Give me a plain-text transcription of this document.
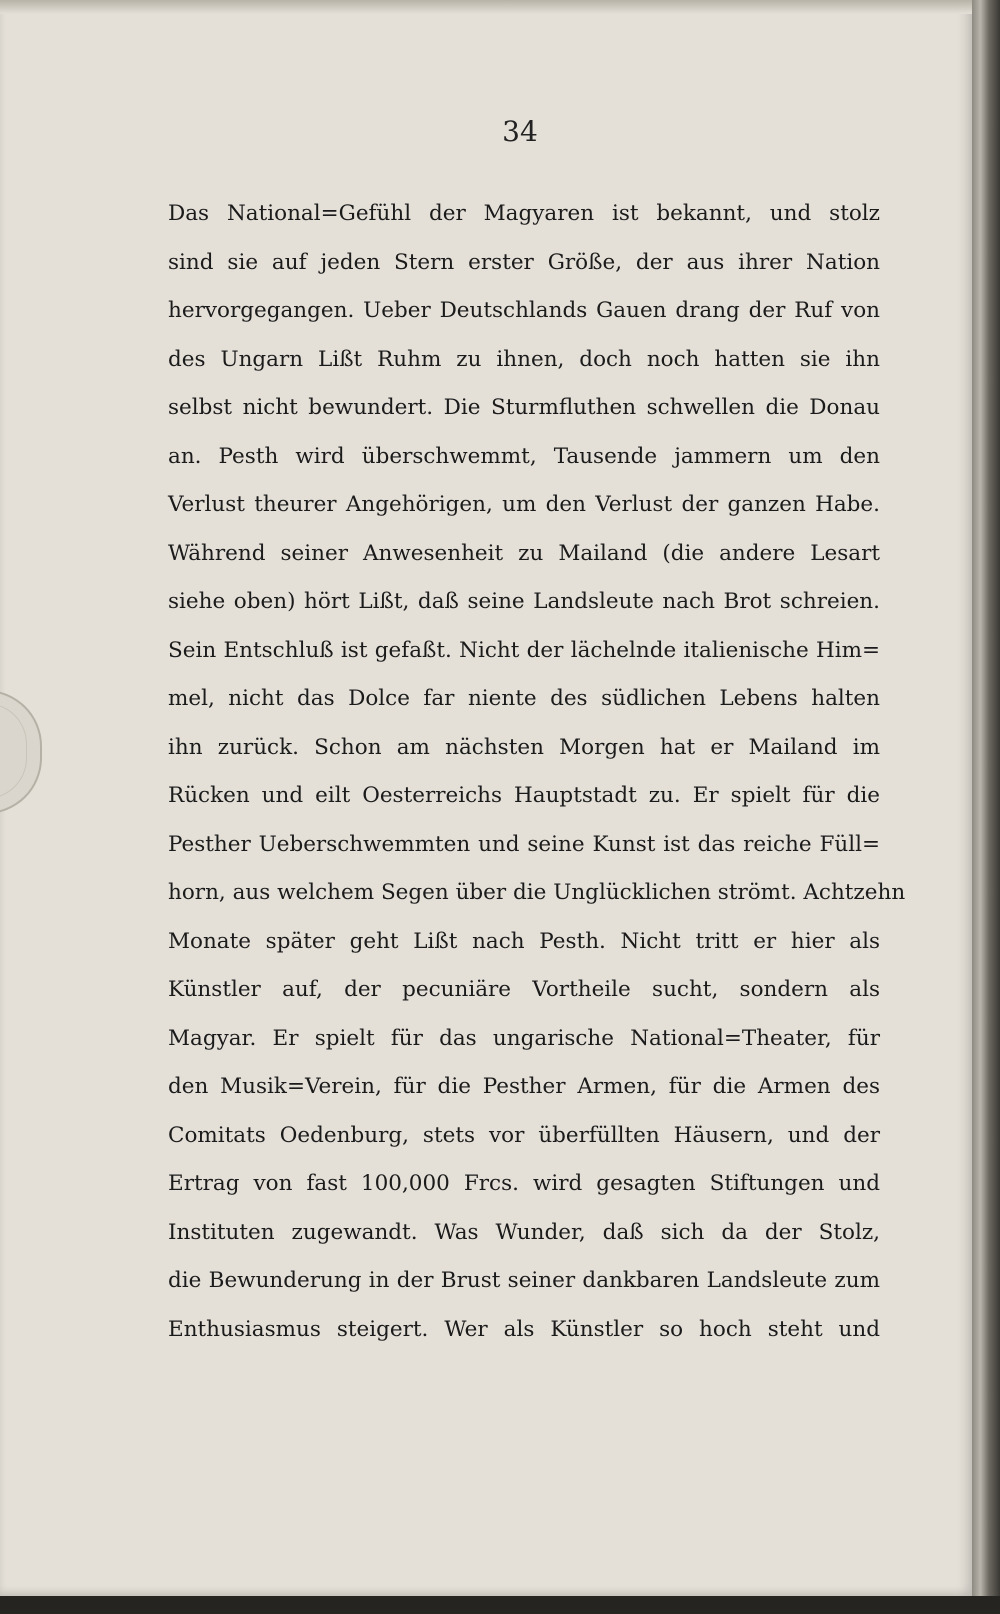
34
Das National=Gefühl der Magyaren ist bekannt, und stolz
sind sie auf jeden Stern erster Größe, der aus ihrer Nation
hervorgegangen. Ueber Deutschlands Gauen drang der Ruf von
des Ungarn Lißt Ruhm zu ihnen, doch noch hatten sie ihn
selbst nicht bewundert. Die Sturmfluthen schwellen die Donau
an. Pesth wird überschwemmt, Tausende jammern um den
Verlust theurer Angehörigen, um den Verlust der ganzen Habe.
Während seiner Anwesenheit zu Mailand (die andere Lesart
siehe oben) hört Lißt, daß seine Landsleute nach Brot schreien.
Sein Entschluß ist gefaßt. Nicht der lächelnde italienische Him=
mel, nicht das Dolce far niente des südlichen Lebens halten
ihn zurück. Schon am nächsten Morgen hat er Mailand im
Rücken und eilt Oesterreichs Hauptstadt zu. Er spielt für die
Pesther Ueberschwemmten und seine Kunst ist das reiche Füll=
horn, aus welchem Segen über die Unglücklichen strömt. Achtzehn
Monate später geht Lißt nach Pesth. Nicht tritt er hier als
Künstler auf, der pecuniäre Vortheile sucht, sondern als
Magyar. Er spielt für das ungarische National=Theater, für
den Musik=Verein, für die Pesther Armen, für die Armen des
Comitats Oedenburg, stets vor überfüllten Häusern, und der
Ertrag von fast 100,000 Frcs. wird gesagten Stiftungen und
Instituten zugewandt. Was Wunder, daß sich da der Stolz,
die Bewunderung in der Brust seiner dankbaren Landsleute zum
Enthusiasmus steigert. Wer als Künstler so hoch steht und
